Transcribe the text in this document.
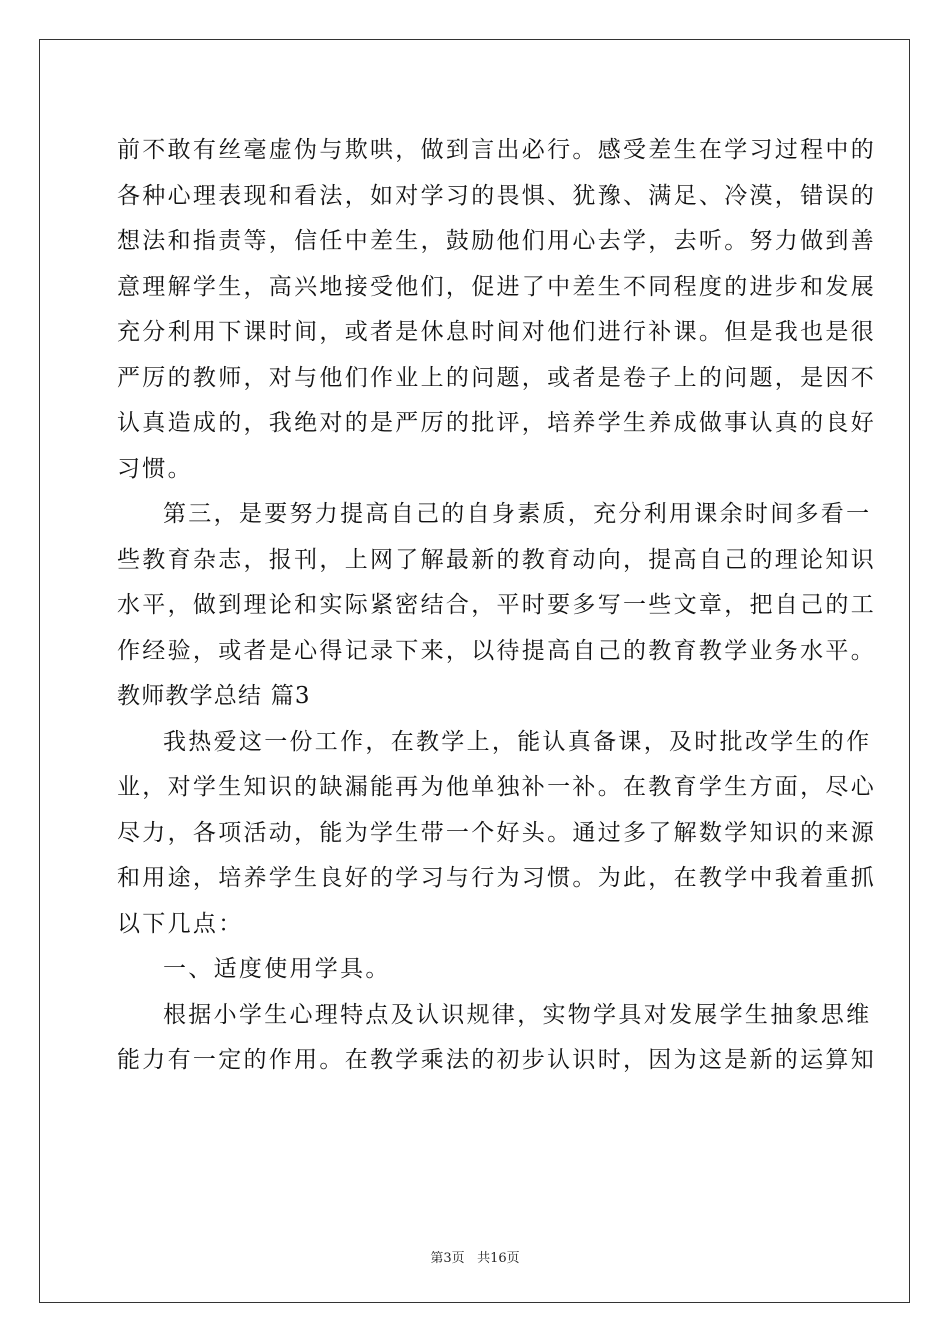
前不敢有丝毫虚伪与欺哄，做到言出必行。感受差生在学习过程中的
各种心理表现和看法，如对学习的畏惧、犹豫、满足、冷漠，错误的
想法和指责等，信任中差生，鼓励他们用心去学，去听。努力做到善
意理解学生，高兴地接受他们，促进了中差生不同程度的进步和发展
充分利用下课时间，或者是休息时间对他们进行补课。但是我也是很
严厉的教师，对与他们作业上的问题，或者是卷子上的问题，是因不
认真造成的，我绝对的是严厉的批评，培养学生养成做事认真的良好
习惯。
第三，是要努力提高自己的自身素质，充分利用课余时间多看一
些教育杂志，报刊，上网了解最新的教育动向，提高自己的理论知识
水平，做到理论和实际紧密结合，平时要多写一些文章，把自己的工
作经验，或者是心得记录下来，以待提高自己的教育教学业务水平。
教师教学总结 篇3
我热爱这一份工作，在教学上，能认真备课，及时批改学生的作
业，对学生知识的缺漏能再为他单独补一补。在教育学生方面，尽心
尽力，各项活动，能为学生带一个好头。通过多了解数学知识的来源
和用途，培养学生良好的学习与行为习惯。为此，在教学中我着重抓
以下几点：
一、适度使用学具。
根据小学生心理特点及认识规律，实物学具对发展学生抽象思维
能力有一定的作用。在教学乘法的初步认识时，因为这是新的运算知
第3页 共16页
